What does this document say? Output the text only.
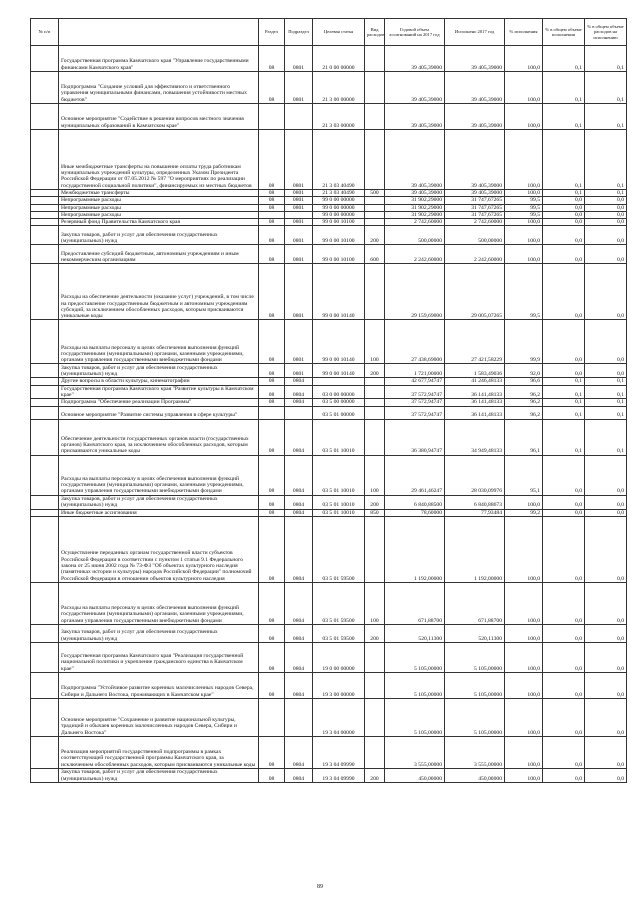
№ п/п		Раздел	Подраздел	Целевая статья	Вид расходов	Годовой объем ассигнований на 2017 год	Исполнено 2017 год	% исполнения	% в общем объеме исполнения	% в общем объеме расходов на исполнению
	Государственная программа Камчатского края "Управление государственными финансами Камчатского края"	08	0801	21 0 00 00000		39 405,39000	39 405,39000	100,0	0,1	0,1
	Подпрограмма "Создание условий для эффективного и ответственного управления муниципальными финансами, повышения устойчивости местных бюджетов"	08	0801	21 3 00 00000		39 405,39000	39 405,39000	100,0	0,1	0,1
	Основное мероприятие "Содействие в решении вопросов местного значения муниципальных образований в Камчатском крае"			21 3 03 00000		39 405,39000	39 405,39000	100,0	0,1	0,1
	Иные межбюджетные трансферты на повышение оплаты труда работникам муниципальных учреждений культуры, определенных Указом Президента Российской Федерации от 07.05.2012 № 597 "О мероприятиях по реализации государственной социальной политики", финансируемых из местных бюджетов	08	0801	21 3 03 40490		39 405,39000	39 405,39000	100,0	0,1	0,1
	Межбюджетные трансферты	08	0801	21 3 03 40490	500	39 405,39000	39 405,39000	100,0	0,1	0,1
	Непрограммные расходы	08	0801	99 0 00 00000		31 902,29000	31 747,67265	99,5	0,0	0,0
	Непрограммные расходы	08	0801	99 0 00 00000		31 902,29000	31 747,67265	99,5	0,0	0,0
	Непрограммные расходы			99 0 00 00000		31 902,29000	31 747,67265	99,5	0,0	0,0
	Резервный фонд Правительства Камчатского края	08	0801	99 0 00 10100		2 742,60000	2 742,60000	100,0	0,0	0,0
	Закупка товаров, работ и услуг для обеспечения государственных (муниципальных) нужд	08	0801	99 0 00 10100	200	500,00000	500,00000	100,0	0,0	0,0
	Предоставление субсидий бюджетным, автономным учреждениям и иным некоммерческим организациям	08	0801	99 0 00 10100	600	2 242,60000	2 242,60000	100,0	0,0	0,0
	Расходы на обеспечение деятельности (оказание услуг) учреждений, в том числе на предоставление государственным бюджетным и автономным учреждениям субсидий, за исключением обособленных расходов, которым присваиваются уникальные коды	08	0801	99 0 00 10140		29 159,69000	29 005,07265	99,5	0,0	0,0
	Расходы на выплаты персоналу в целях обеспечения выполнения функций государственными (муниципальными) органами, казенными учреждениями, органами управления государственными внебюджетными фондами	08	0801	99 0 00 10140	100	27 438,69000	27 421,58229	99,9	0,0	0,0
	Закупка товаров, работ и услуг для обеспечения государственных (муниципальных) нужд	08	0801	99 0 00 10140	200	1 721,00000	1 583,49036	92,0	0,0	0,0
	Другие вопросы в области культуры, кинематографии	08	0804			42 677,94747	41 246,48133	96,6	0,1	0,1
	Государственная программа Камчатского края "Развитие культуры в Камчатском крае"	08	0804	03 0 00 00000		37 572,94747	36 141,48133	96,2	0,1	0,1
	Подпрограмма "Обеспечение реализации Программы"	08	0804	03 5 00 00000		37 572,94747	36 141,48133	96,2	0,1	0,1
	Основное мероприятие "Развитие системы управления в сфере культуры"			03 5 01 00000		37 572,94747	36 141,48133	96,2	0,1	0,1
	Обеспечение деятельности государственных органов власти (государственных органов) Камчатского края, за исключением обособленных расходов, которым присваиваются уникальные коды	08	0804	03 5 01 10010		36 380,94747	34 949,48133	96,1	0,1	0,1
	Расходы на выплаты персоналу в целях обеспечения выполнения функций государственными (муниципальными) органами, казенными учреждениями, органами управления государственными внебюджетными фондами	08	0804	03 5 01 10010	100	29 461,46247	28 030,09976	95,1	0,0	0,0
	Закупка товаров, работ и услуг для обеспечения государственных (муниципальных) нужд	08	0804	03 5 01 10010	200	6 840,88500	6 840,88673	100,0	0,0	0,0
	Иные бюджетные ассигнования	08	0804	03 5 01 10010	850	78,60000	77,93484	99,2	0,0	0,0
	Осуществление переданных органам государственной власти субъектов Российской Федерации в соответствии с пунктом 1 статьи 9.1 Федерального закона от 25 июня 2002 года № 73-ФЗ "Об объектах культурного наследия (памятниках истории и культуры) народов Российской Федерации" полномочий Российской Федерации в отношении объектов культурного наследия	08	0804	03 5 01 59500		1 192,00000	1 192,00000	100,0	0,0	0,0
	Расходы на выплаты персоналу в целях обеспечения выполнения функций государственными (муниципальными) органами, казенными учреждениями, органами управления государственными внебюджетными фондами	08	0804	03 5 01 59500	100	671,88700	671,88700	100,0	0,0	0,0
	Закупка товаров, работ и услуг для обеспечения государственных (муниципальных) нужд	08	0804	03 5 01 59500	200	520,11300	520,11300	100,0	0,0	0,0
	Государственная программа Камчатского края "Реализация государственной национальной политики и укрепление гражданского единства в Камчатском крае"	08	0804	19 0 00 00000		5 105,00000	5 105,00000	100,0	0,0	0,0
	Подпрограмма "Устойчивое развитие коренных малочисленных народов Севера, Сибири и Дальнего Востока, проживающих в Камчатском крае"	08	0804	19 3 00 00000		5 105,00000	5 105,00000	100,0	0,0	0,0
	Основное мероприятие "Сохранение и развитие национальной культуры, традиций и обычаев коренных малочисленных народов Севера, Сибири и Дальнего Востока"			19 3 04 00000		5 105,00000	5 105,00000	100,0	0,0	0,0
	Реализация мероприятий государственной подпрограммы в рамках соответствующей государственной программы Камчатского края, за исключением обособленных расходов, которым присваиваются уникальные коды	08	0804	19 3 04 09990		3 555,00000	3 555,00000	100,0	0,0	0,0
	Закупка товаров, работ и услуг для обеспечения государственных (муниципальных) нужд	08	0804	19 3 04 09990	200	450,00000	450,00000	100,0	0,0	0,0
89
